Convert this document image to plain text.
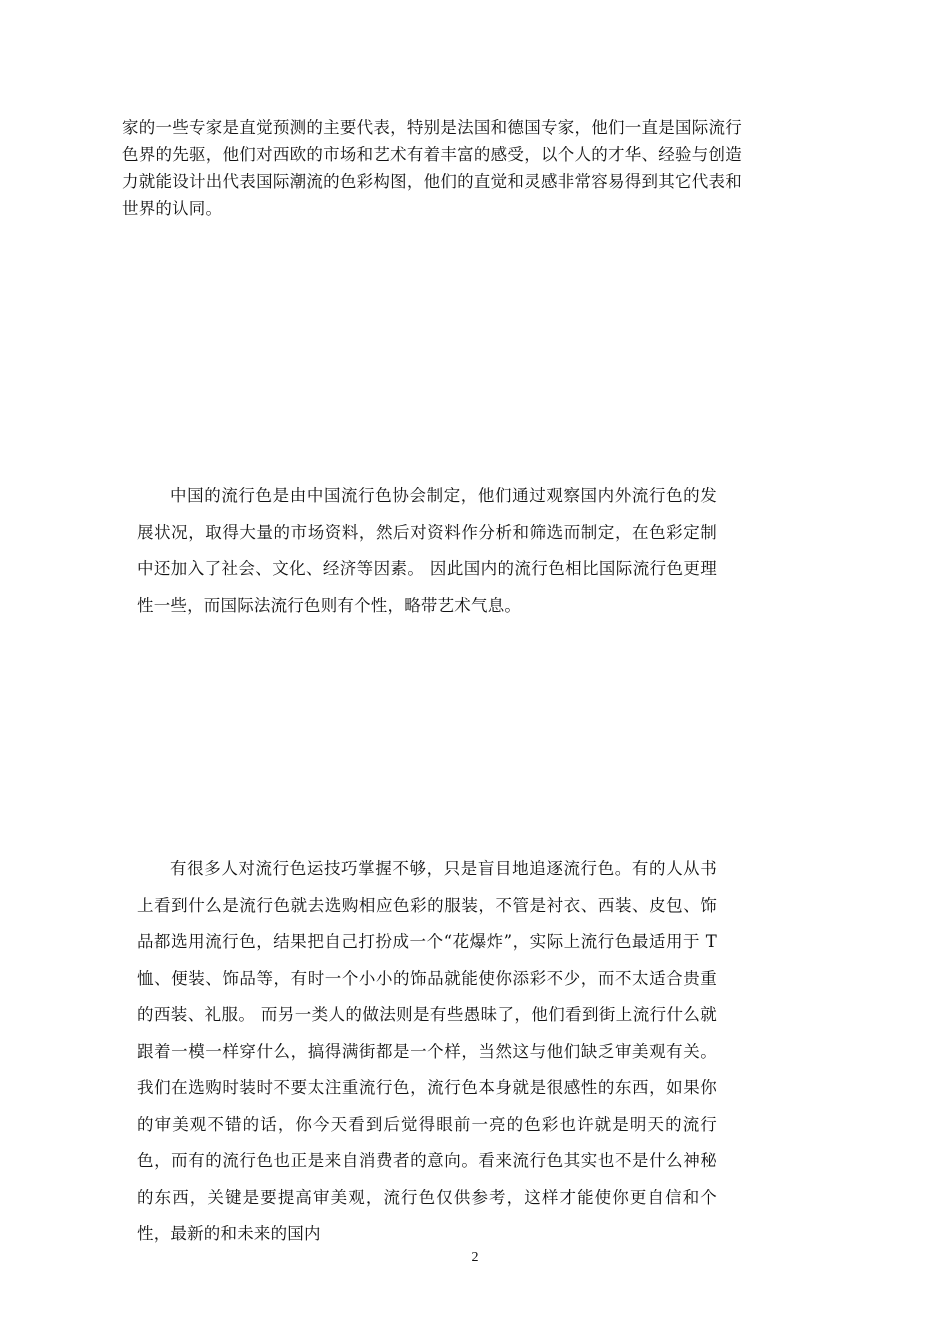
家的一些专家是直觉预测的主要代表，特别是法国和德国专家，他们一直是国际流行色界的先驱，他们对西欧的市场和艺术有着丰富的感受，以个人的才华、经验与创造力就能设计出代表国际潮流的色彩构图，他们的直觉和灵感非常容易得到其它代表和世界的认同。

中国的流行色是由中国流行色协会制定，他们通过观察国内外流行色的发展状况，取得大量的市场资料，然后对资料作分析和筛选而制定，在色彩定制中还加入了社会、文化、经济等因素。 因此国内的流行色相比国际流行色更理性一些，而国际法流行色则有个性，略带艺术气息。

有很多人对流行色运技巧掌握不够，只是盲目地追逐流行色。有的人从书上看到什么是流行色就去选购相应色彩的服装，不管是衬衣、西装、皮包、饰品都选用流行色，结果把自己打扮成一个“花爆炸”，实际上流行色最适用于 T 恤、便装、饰品等，有时一个小小的饰品就能使你添彩不少，而不太适合贵重的西装、礼服。 而另一类人的做法则是有些愚昧了，他们看到街上流行什么就跟着一模一样穿什么，搞得满街都是一个样，当然这与他们缺乏审美观有关。我们在选购时装时不要太注重流行色，流行色本身就是很感性的东西，如果你的审美观不错的话，你今天看到后觉得眼前一亮的色彩也许就是明天的流行色，而有的流行色也正是来自消费者的意向。看来流行色其实也不是什么神秘的东西，关键是要提高审美观，流行色仅供参考，这样才能使你更自信和个性，最新的和未来的国内

2
